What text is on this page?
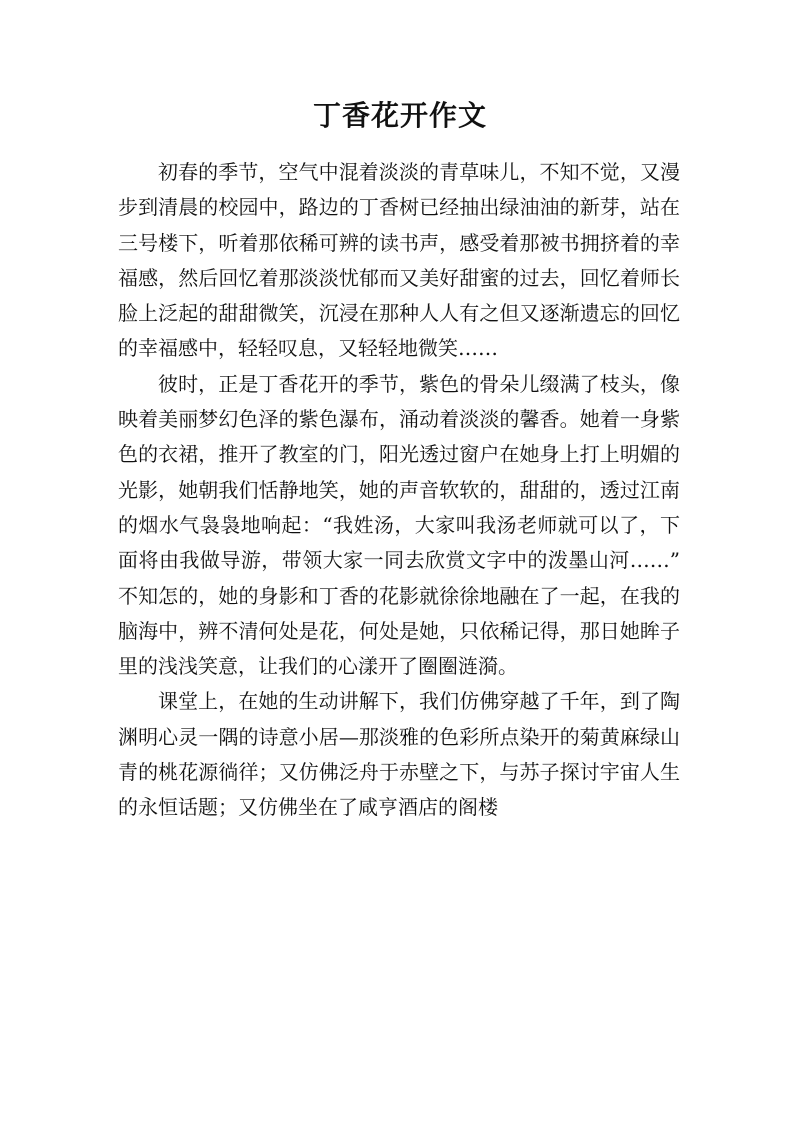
丁香花开作文

初春的季节，空气中混着淡淡的青草味儿，不知不觉，又漫步到清晨的校园中，路边的丁香树已经抽出绿油油的新芽，站在三号楼下，听着那依稀可辨的读书声，感受着那被书拥挤着的幸福感，然后回忆着那淡淡忧郁而又美好甜蜜的过去，回忆着师长脸上泛起的甜甜微笑，沉浸在那种人人有之但又逐渐遗忘的回忆的幸福感中，轻轻叹息，又轻轻地微笑……

彼时，正是丁香花开的季节，紫色的骨朵儿缀满了枝头，像映着美丽梦幻色泽的紫色瀑布，涌动着淡淡的馨香。她着一身紫色的衣裙，推开了教室的门，阳光透过窗户在她身上打上明媚的光影，她朝我们恬静地笑，她的声音软软的，甜甜的，透过江南的烟水气袅袅地响起：“我姓汤，大家叫我汤老师就可以了，下面将由我做导游，带领大家一同去欣赏文字中的泼墨山河……”不知怎的，她的身影和丁香的花影就徐徐地融在了一起，在我的脑海中，辨不清何处是花，何处是她，只依稀记得，那日她眸子里的浅浅笑意，让我们的心漾开了圈圈涟漪。

课堂上，在她的生动讲解下，我们仿佛穿越了千年，到了陶渊明心灵一隅的诗意小居—那淡雅的色彩所点染开的菊黄麻绿山青的桃花源徜徉；又仿佛泛舟于赤壁之下，与苏子探讨宇宙人生的永恒话题；又仿佛坐在了咸亨酒店的阁楼
